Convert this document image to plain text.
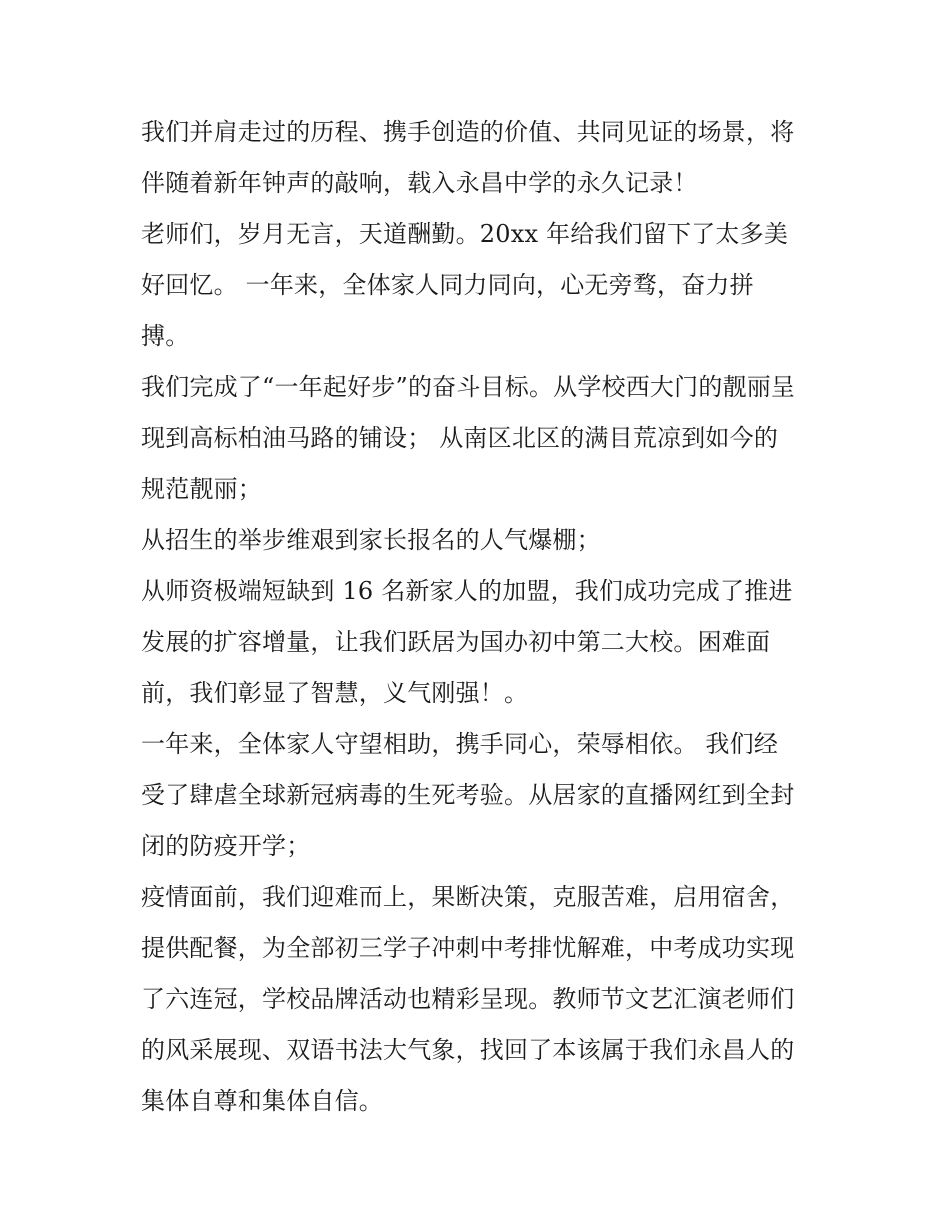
我们并肩走过的历程、携手创造的价值、共同见证的场景，将
伴随着新年钟声的敲响，载入永昌中学的永久记录！
老师们，岁月无言，天道酬勤。20xx 年给我们留下了太多美
好回忆。 一年来，全体家人同力同向，心无旁骛，奋力拼
搏。
我们完成了“一年起好步”的奋斗目标。从学校西大门的靓丽呈
现到高标柏油马路的铺设； 从南区北区的满目荒凉到如今的
规范靓丽；
从招生的举步维艰到家长报名的人气爆棚；
从师资极端短缺到 16 名新家人的加盟，我们成功完成了推进
发展的扩容增量，让我们跃居为国办初中第二大校。困难面
前，我们彰显了智慧，义气刚强！。
一年来，全体家人守望相助，携手同心，荣辱相依。 我们经
受了肆虐全球新冠病毒的生死考验。从居家的直播网红到全封
闭的防疫开学；
疫情面前，我们迎难而上，果断决策，克服苦难，启用宿舍，
提供配餐，为全部初三学子冲刺中考排忧解难，中考成功实现
了六连冠，学校品牌活动也精彩呈现。教师节文艺汇演老师们
的风采展现、双语书法大气象，找回了本该属于我们永昌人的
集体自尊和集体自信。
